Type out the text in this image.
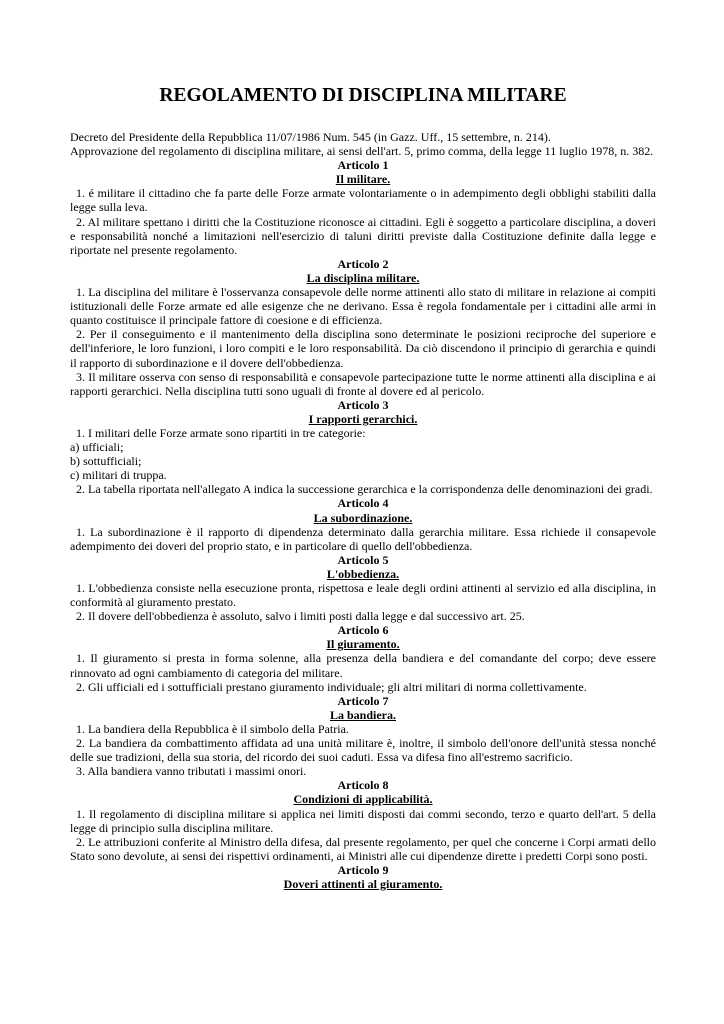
REGOLAMENTO DI DISCIPLINA MILITARE

Decreto del Presidente della Repubblica 11/07/1986 Num. 545 (in Gazz. Uff., 15 settembre, n. 214).

Approvazione del regolamento di disciplina militare, ai sensi dell'art. 5, primo comma, della legge 11 luglio 1978, n. 382.

Articolo 1

Il militare.

1. é militare il cittadino che fa parte delle Forze armate volontariamente o in adempimento degli obblighi stabiliti dalla legge sulla leva.

2. Al militare spettano i diritti che la Costituzione riconosce ai cittadini. Egli è soggetto a particolare disciplina, a doveri e responsabilità nonché a limitazioni nell'esercizio di taluni diritti previste dalla Costituzione definite dalla legge e riportate nel presente regolamento.

Articolo 2

La disciplina militare.

1. La disciplina del militare è l'osservanza consapevole delle norme attinenti allo stato di militare in relazione ai compiti istituzionali delle Forze armate ed alle esigenze che ne derivano. Essa è regola fondamentale per i cittadini alle armi in quanto costituisce il principale fattore di coesione e di efficienza.

2. Per il conseguimento e il mantenimento della disciplina sono determinate le posizioni reciproche del superiore e dell'inferiore, le loro funzioni, i loro compiti e le loro responsabilità. Da ciò discendono il principio di gerarchia e quindi il rapporto di subordinazione e il dovere dell'obbedienza.

3. Il militare osserva con senso di responsabilità e consapevole partecipazione tutte le norme attinenti alla disciplina e ai rapporti gerarchici. Nella disciplina tutti sono uguali di fronte al dovere ed al pericolo.

Articolo 3

I rapporti gerarchici.

1. I militari delle Forze armate sono ripartiti in tre categorie:

a) ufficiali;

b) sottufficiali;

c) militari di truppa.

2. La tabella riportata nell'allegato A indica la successione gerarchica e la corrispondenza delle denominazioni dei gradi.

Articolo 4

La subordinazione.

1. La subordinazione è il rapporto di dipendenza determinato dalla gerarchia militare. Essa richiede il consapevole adempimento dei doveri del proprio stato, e in particolare di quello dell'obbedienza.

Articolo 5

L'obbedienza.

1. L'obbedienza consiste nella esecuzione pronta, rispettosa e leale degli ordini attinenti al servizio ed alla disciplina, in conformità al giuramento prestato.

2. Il dovere dell'obbedienza è assoluto, salvo i limiti posti dalla legge e dal successivo art. 25.

Articolo 6

Il giuramento.

1. Il giuramento si presta in forma solenne, alla presenza della bandiera e del comandante del corpo; deve essere rinnovato ad ogni cambiamento di categoria del militare.

2. Gli ufficiali ed i sottufficiali prestano giuramento individuale; gli altri militari di norma collettivamente.

Articolo 7

La bandiera.

1. La bandiera della Repubblica è il simbolo della Patria.

2. La bandiera da combattimento affidata ad una unità militare è, inoltre, il simbolo dell'onore dell'unità stessa nonché delle sue tradizioni, della sua storia, del ricordo dei suoi caduti. Essa va difesa fino all'estremo sacrificio.

3. Alla bandiera vanno tributati i massimi onori.

Articolo 8

Condizioni di applicabilità.

1. Il regolamento di disciplina militare si applica nei limiti disposti dai commi secondo, terzo e quarto dell'art. 5 della legge di principio sulla disciplina militare.

2. Le attribuzioni conferite al Ministro della difesa, dal presente regolamento, per quel che concerne i Corpi armati dello Stato sono devolute, ai sensi dei rispettivi ordinamenti, ai Ministri alle cui dipendenze dirette i predetti Corpi sono posti.

Articolo 9

Doveri attinenti al giuramento.
